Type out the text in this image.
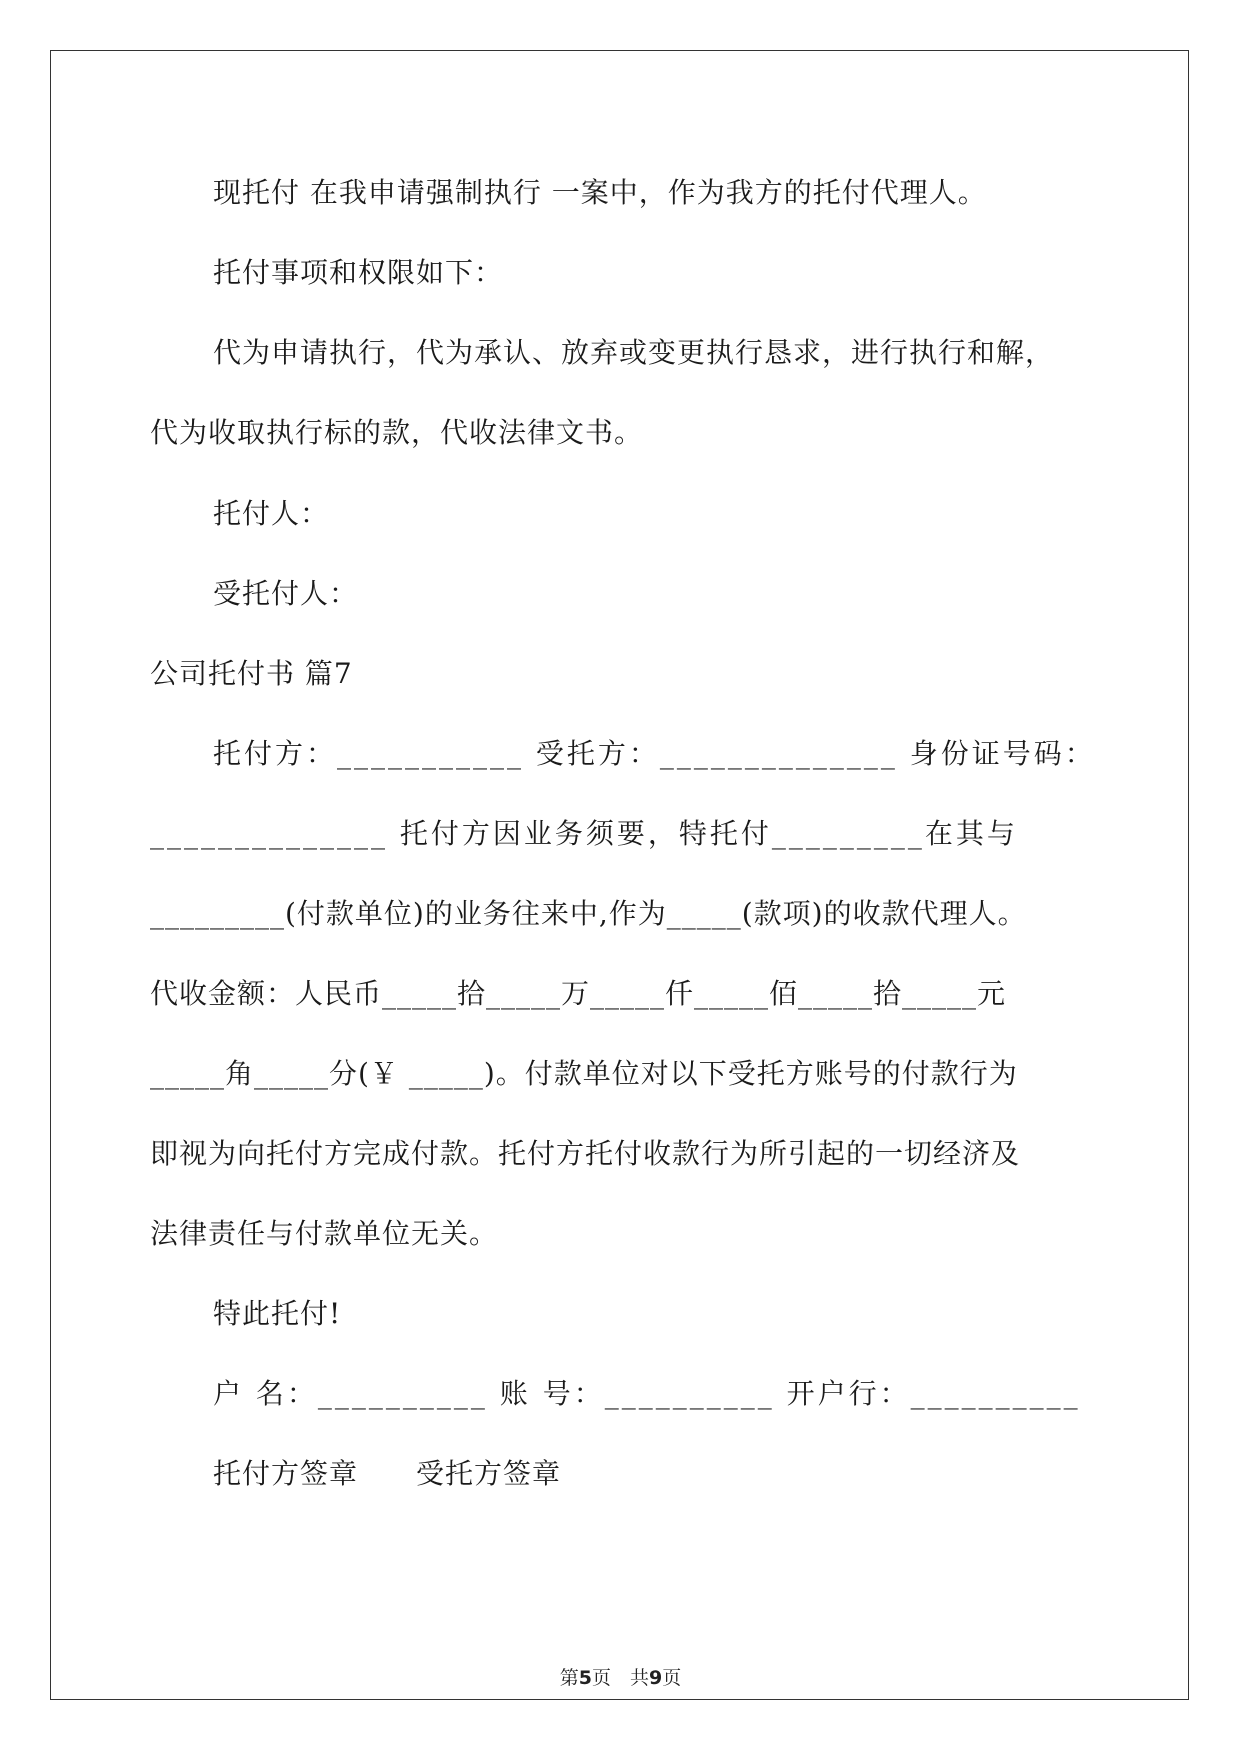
现托付 在我申请强制执行 一案中，作为我方的托付代理人。
托付事项和权限如下：
代为申请执行，代为承认、放弃或变更执行恳求，进行执行和解，
代为收取执行标的款，代收法律文书。
托付人：
受托付人：
公司托付书 篇7
托付方：___________ 受托方：______________ 身份证号码：
______________ 托付方因业务须要，特托付_________在其与
_________(付款单位)的业务往来中,作为_____(款项)的收款代理人。
代收金额：人民币_____拾_____万_____仟_____佰_____拾_____元
_____角_____分(￥ _____)。付款单位对以下受托方账号的付款行为
即视为向托付方完成付款。托付方托付收款行为所引起的一切经济及
法律责任与付款单位无关。
特此托付!
户 名：__________ 账 号：__________ 开户行：__________
托付方签章　　受托方签章
第5页　共9页
